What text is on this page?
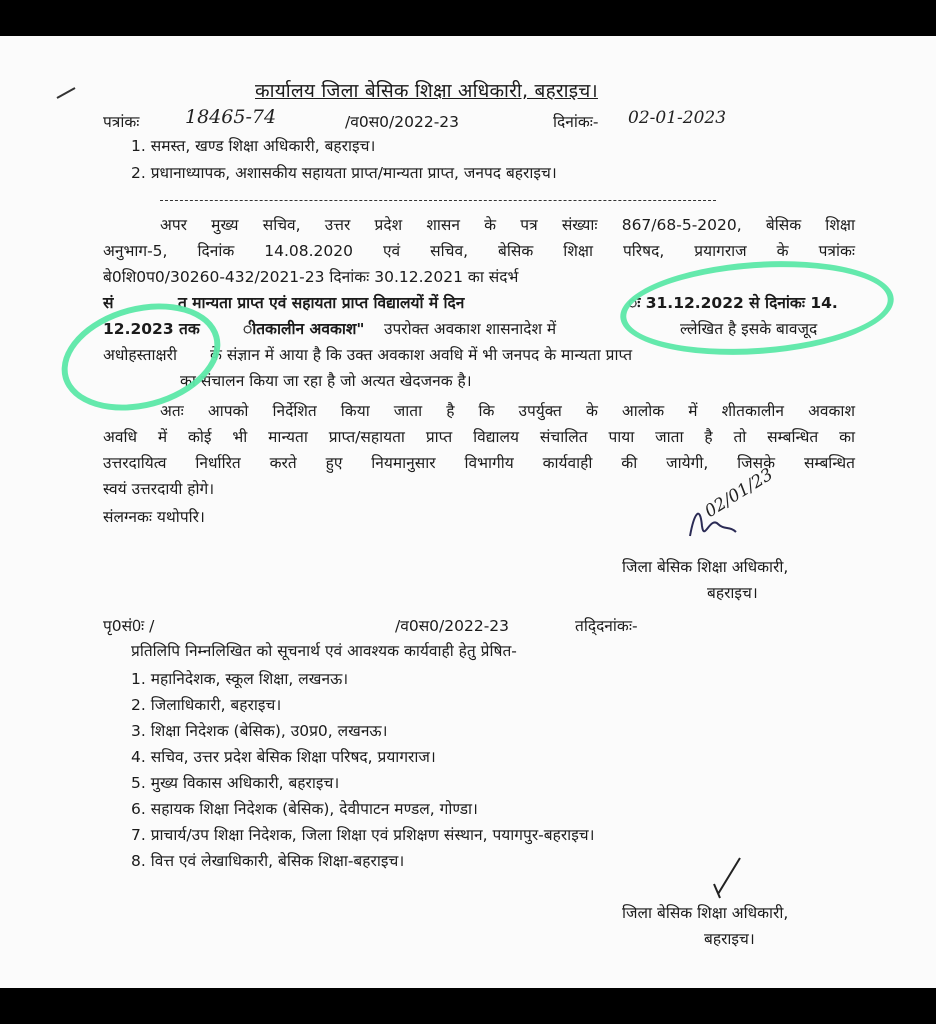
कार्यालय जिला बेसिक शिक्षा अधिकारी, बहराइच।
पत्रांकः 18465-74	/व0स0/2022-23	दिनांकः- 02-01-2023
1. समस्त, खण्ड शिक्षा अधिकारी, बहराइच।
2. प्रधानाध्यापक, अशासकीय सहायता प्राप्त/मान्यता प्राप्त, जनपद बहराइच।
अपर मुख्य सचिव, उत्तर प्रदेश शासन के पत्र संख्याः 867/68-5-2020, बेसिक शिक्षा
अनुभाग-5, दिनांक 14.08.2020 एवं सचिव, बेसिक शिक्षा परिषद, प्रयागराज के पत्रांकः
बे0शि0प0/30260-432/2021-23 दिनांकः 30.12.2021 का संदर्भ
सं	त मान्यता प्राप्त एवं सहायता प्राप्त विद्यालयों में दिन	ः 31.12.2022 से दिनांकः 14.
12.2023 तक	ीतकालीन अवकाश" उपरोक्त अवकाश शासनादेश में	ल्लेखित है इसके बावजूद
अधोहस्ताक्षरी के संज्ञान में आया है कि उक्त अवकाश अवधि में भी जनपद के मान्यता प्राप्त
का संचालन किया जा रहा है जो अत्यत खेदजनक है।
अतः आपको निर्देशित किया जाता है कि उपर्युक्त के आलोक में शीतकालीन अवकाश
अवधि में कोई भी मान्यता प्राप्त/सहायता प्राप्त विद्यालय संचालित पाया जाता है तो सम्बन्धित का
उत्तरदायित्व निर्धारित करते हुए नियमानुसार विभागीय कार्यवाही की जायेगी, जिसके सम्बन्धित
स्वयं उत्तरदायी होगे।
संलग्नकः यथोपरि।	02/01/23
जिला बेसिक शिक्षा अधिकारी,
बहराइच।
पृ0सं0ः /	/व0स0/2022-23	तद्‍दिनांकः-
प्रतिलिपि निम्नलिखित को सूचनार्थ एवं आवश्यक कार्यवाही हेतु प्रेषित-
1. महानिदेशक, स्कूल शिक्षा, लखनऊ।
2. जिलाधिकारी, बहराइच।
3. शिक्षा निदेशक (बेसिक), उ0प्र0, लखनऊ।
4. सचिव, उत्तर प्रदेश बेसिक शिक्षा परिषद, प्रयागराज।
5. मुख्य विकास अधिकारी, बहराइच।
6. सहायक शिक्षा निदेशक (बेसिक), देवीपाटन मण्डल, गोण्डा।
7. प्राचार्य/उप शिक्षा निदेशक, जिला शिक्षा एवं प्रशिक्षण संस्थान, पयागपुर-बहराइच।
8. वित्त एवं लेखाधिकारी, बेसिक शिक्षा-बहराइच।
जिला बेसिक शिक्षा अधिकारी,
बहराइच।
